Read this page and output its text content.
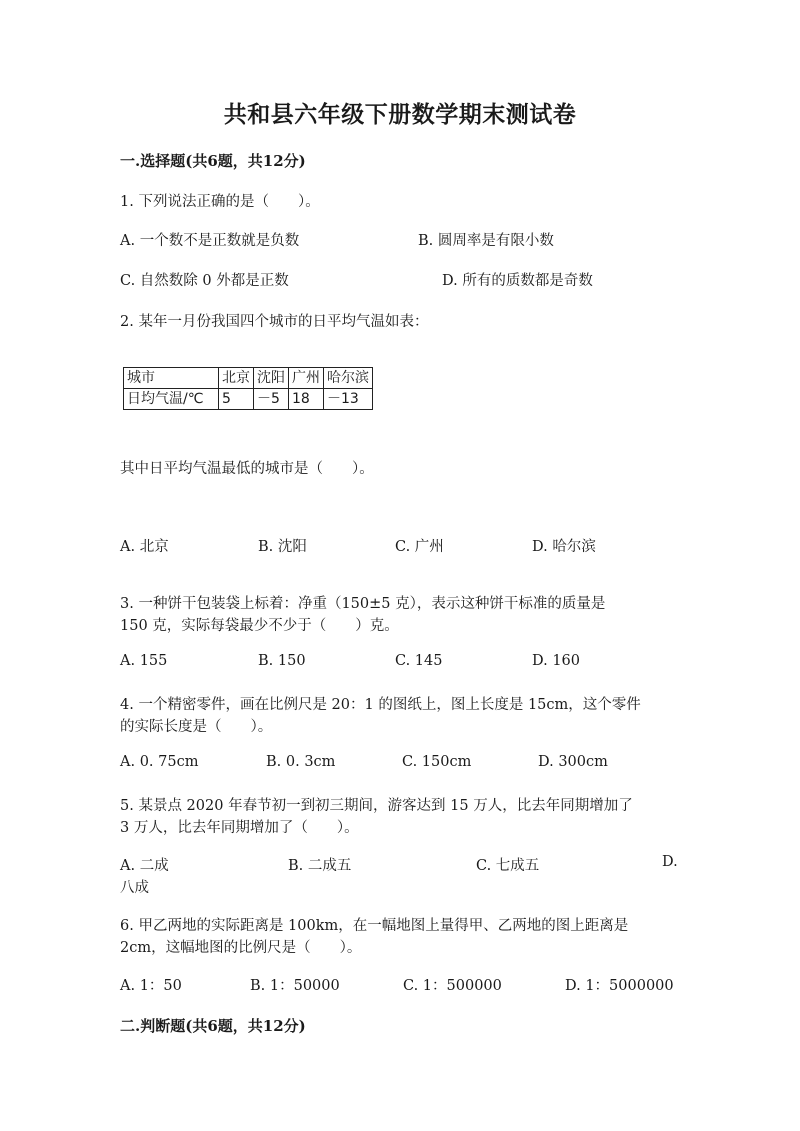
共和县六年级下册数学期末测试卷
一.选择题(共6题，共12分)
1. 下列说法正确的是（　　）。
A. 一个数不是正数就是负数	B. 圆周率是有限小数
C. 自然数除 0 外都是正数	D. 所有的质数都是奇数
2. 某年一月份我国四个城市的日平均气温如表：
城市	北京	沈阳	广州	哈尔滨
日均气温/℃	5	－5	18	－13
其中日平均气温最低的城市是（　　）。
A. 北京	B. 沈阳	C. 广州	D. 哈尔滨
3. 一种饼干包装袋上标着：净重（150±5 克），表示这种饼干标准的质量是
150 克，实际每袋最少不少于（　　）克。
A. 155	B. 150	C. 145	D. 160
4. 一个精密零件，画在比例尺是 20：1 的图纸上，图上长度是 15cm，这个零件
的实际长度是（　　）。
A. 0. 75cm	B. 0. 3cm	C. 150cm	D. 300cm
5. 某景点 2020 年春节初一到初三期间，游客达到 15 万人，比去年同期增加了
3 万人，比去年同期增加了（　　）。
A. 二成	B. 二成五	C. 七成五	D.
八成
6. 甲乙两地的实际距离是 100km，在一幅地图上量得甲、乙两地的图上距离是
2cm，这幅地图的比例尺是（　　）。
A. 1：50	B. 1：50000	C. 1：500000	D. 1：5000000
二.判断题(共6题，共12分)
